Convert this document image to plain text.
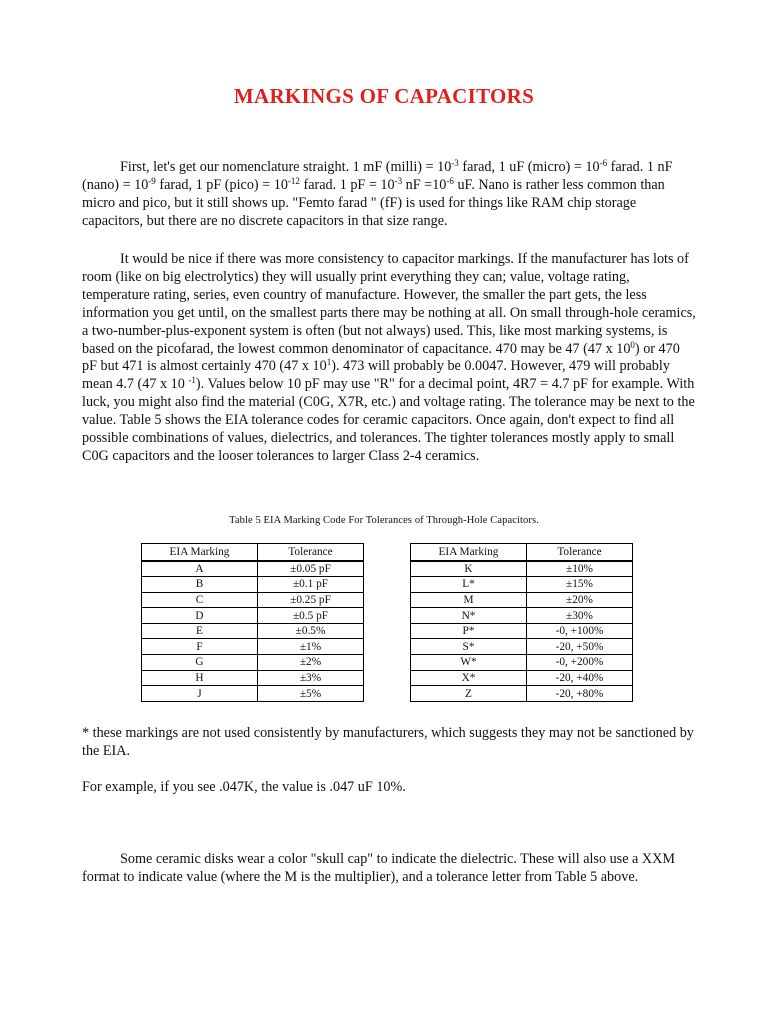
MARKINGS OF CAPACITORS
First, let's get our nomenclature straight. 1 mF (milli) = $10^{-3}$ farad, 1 uF (micro) = $10^{-6}$ farad. 1 nF (nano) = $10^{-9}$ farad, 1 pF (pico) = $10^{-12}$ farad. 1 pF = $10^{-3}$ nF $=10^{-6}$ uF. Nano is rather less common than micro and pico, but it still shows up. "Femto farad " (fF) is used for things like RAM chip storage capacitors, but there are no discrete capacitors in that size range.
It would be nice if there was more consistency to capacitor markings. If the manufacturer has lots of room (like on big electrolytics) they will usually print everything they can; value, voltage rating, temperature rating, series, even country of manufacture. However, the smaller the part gets, the less information you get until, on the smallest parts there may be nothing at all. On small through-hole ceramics, a two-number-plus-exponent system is often (but not always) used. This, like most marking systems, is based on the picofarad, the lowest common denominator of capacitance. 470 may be 47 (47 x $10^0$) or 470 pF but 471 is almost certainly 470 (47 x $10^1$). 473 will probably be 0.0047. However, 479 will probably mean 4.7 (47 x 10 $^{-1}$). Values below 10 pF may use "R" for a decimal point, 4R7 = 4.7 pF for example. With luck, you might also find the material (C0G, X7R, etc.) and voltage rating. The tolerance may be next to the value. Table 5 shows the EIA tolerance codes for ceramic capacitors. Once again, don't expect to find all possible combinations of values, dielectrics, and tolerances. The tighter tolerances mostly apply to small C0G capacitors and the looser tolerances to larger Class 2-4 ceramics.
Table 5 EIA Marking Code For Tolerances of Through-Hole Capacitors.
EIA Marking	Tolerance
A	±0.05 pF
B	±0.1 pF
C	±0.25 pF
D	±0.5 pF
E	±0.5%
F	±1%
G	±2%
H	±3%
J	±5%
EIA Marking	Tolerance
K	±10%
L*	±15%
M	±20%
N*	±30%
P*	-0, +100%
S*	-20, +50%
W*	-0, +200%
X*	-20, +40%
Z	-20, +80%
* these markings are not used consistently by manufacturers, which suggests they may not be sanctioned by the EIA.
For example, if you see .047K, the value is .047 uF 10%.
Some ceramic disks wear a color "skull cap" to indicate the dielectric. These will also use a XXM format to indicate value (where the M is the multiplier), and a tolerance letter from Table 5 above.
